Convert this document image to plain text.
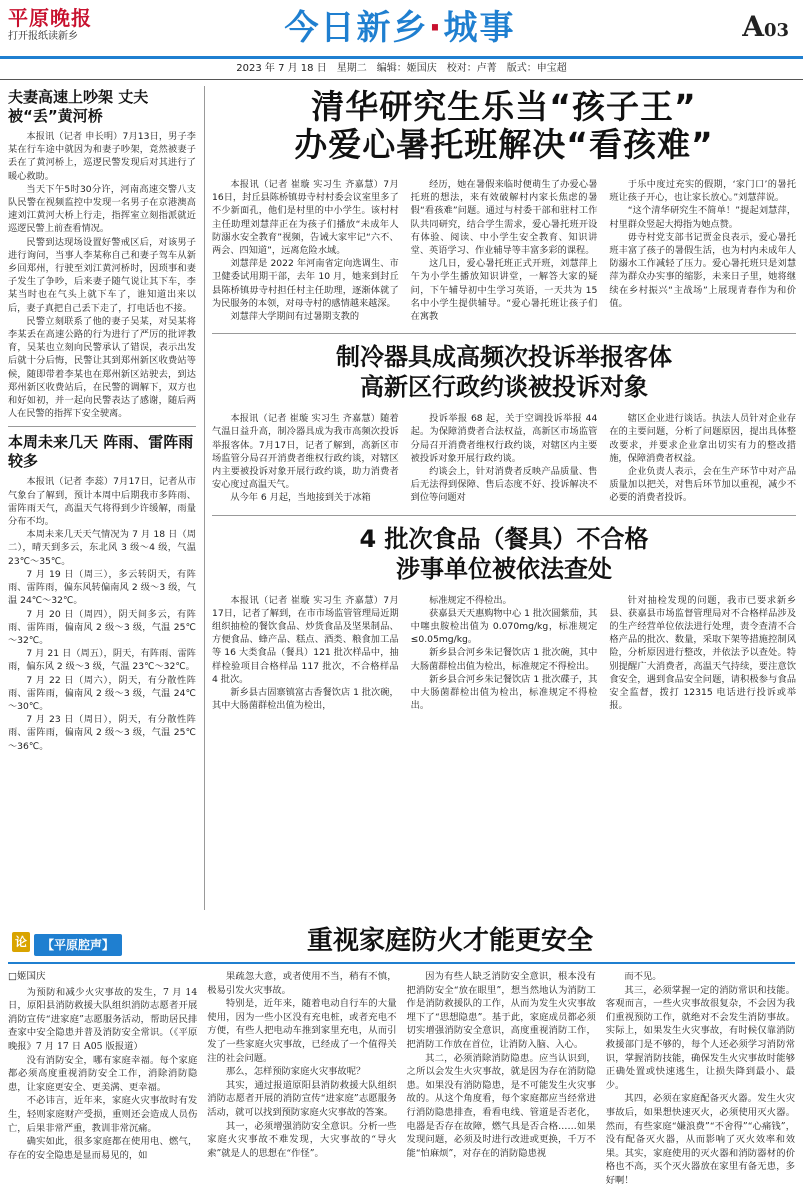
平原晚报
打开报纸读新乡	今日新乡·城事	A03
2023 年 7 月 18 日　星期二　编辑：姬国庆　校对：卢菁　版式：申宝超
夫妻高速上吵架 丈夫被“丢”黄河桥

本报讯（记者 申长明）7月13日，男子李某在行车途中就因为和妻子吵架，竟然被妻子丢在了黄河桥上，巡逻民警发现后对其进行了暖心救助。

当天下午5时30分许，河南高速交警八支队民警在视频监控中发现一名男子在京港澳高速刘江黄河大桥上行走，指挥室立刻指派就近巡逻民警上前查看情况。

民警到达现场设置好警戒区后，对该男子进行询问，当事人李某称自己和妻子驾车从新乡回郑州，行驶至刘江黄河桥时，因琐事和妻子发生了争吵，后来妻子随气说让其下车，李某当时也在气头上就下车了，谁知道出来以后，妻子真把自己丢下走了，打电话也不接。

民警立刻联系了他的妻子吴某，对吴某将李某丢在高速公路的行为进行了严厉的批评教育，吴某也立刻向民警承认了错误，表示出发后就十分后悔，民警让其到郑州新区收费站等候，随即带着李某也在郑州新区站驶去，到达郑州新区收费站后，在民警的调解下，双方也和好如初，并一起向民警表达了感谢，随后两人在民警的指挥下安全驶离。

本周未来几天 阵雨、雷阵雨较多

本报讯（记者 李蕊）7月17日，记者从市气象台了解到，预计本周中后期我市多阵雨、雷阵雨天气，高温天气将得到少许缓解，雨量分布不均。

本周未来几天天气情况为 7 月 18 日（周二），晴天到多云，东北风 3 级～4 级，气温 23℃～35℃。

7 月 19 日（周三），多云转阴天，有阵雨、雷阵雨，偏东风转偏南风 2 级～3 级，气温 24℃～32℃。

7 月 20 日（周四），阴天间多云，有阵雨、雷阵雨，偏南风 2 级～3 级，气温 25℃～32℃。

7 月 21 日（周五），阴天，有阵雨、雷阵雨，偏东风 2 级～3 级，气温 23℃～32℃。

7 月 22 日（周六），阴天，有分散性阵雨、雷阵雨，偏南风 2 级～3 级，气温 24℃～30℃。

7 月 23 日（周日），阴天，有分散性阵雨、雷阵雨，偏南风 2 级～3 级，气温 25℃～36℃。

清华研究生乐当“孩子王”
办爱心暑托班解决“看孩难”

本报讯（记者 崔璇 实习生 齐嘉慧）7月16日，封丘县陈桥镇毋寺村村委会议室里多了不少新面孔，他们是村里的中小学生。该村村主任助理刘慧萍正在为孩子们播放“未成年人防溺水安全教育”视频，告诫大家牢记“六不、两会、四知道”，远离危险水域。

刘慧萍是 2022 年河南省定向选调生、市卫健委试用期干部，去年 10 月，她来到封丘县陈桥镇毋寺村担任村主任助理，逐渐体就了为民服务的本领，对母寺村的感情越来越深。

刘慧萍大学期间有过暑期支教的

经历，她在暑假来临时便萌生了办爱心暑托班的想法，来有效破解村内家长焦虑的暑假“看孩难”问题。通过与村委干部和驻村工作队共同研究，结合学生需求，爱心暑托班开设有体验、阅读、中小学生安全教育、知识讲堂、英语学习、作业辅导等丰富多彩的课程。

这几日，爱心暑托班正式开班，刘慧萍上午为小学生播放知识讲堂，一解答大家的疑问，下午辅导初中生学习英语，一天共为 15 名中小学生提供辅导。“爱心暑托班让孩子们在寓教

于乐中度过充实的假期，‘家门口’的暑托班让孩子开心，也让家长放心。”刘慧萍说。

“这个清华研究生不简单！”提起刘慧萍，村里群众竖起大拇指为她点赞。

毋寺村党支部书记贾金良表示，爱心暑托班丰富了孩子的暑假生活，也为村内未成年人防溺水工作减轻了压力。爱心暑托班只是刘慧萍为群众办实事的缩影，未来日子里，她将继续在乡村振兴“主战场”上展现青春作为和价值。

制冷器具成高频次投诉举报客体
高新区行政约谈被投诉对象

本报讯（记者 崔璇 实习生 齐嘉慧）随着气温日益升高，制冷器具成为我市高频次投诉举报客体。7月17日，记者了解到，高新区市场监管分局召开消费者维权行政约谈，对辖区内主要被投诉对象开展行政约谈，助力消费者安心度过高温天气。

从今年 6 月起，当地接到关于冰箱

投诉举报 68 起，关于空调投诉举报 44 起。为保障消费者合法权益，高新区市场监管分局召开消费者维权行政约谈，对辖区内主要被投诉对象开展行政约谈。

约谈会上，针对消费者反映产品质量、售后无法得到保障、售后态度不好、投诉解决不到位等问题对

辖区企业进行谈话。执法人员针对企业存在的主要问题，分析了问题原因，提出具体整改要求，并要求企业拿出切实有力的整改措施，保障消费者权益。

企业负责人表示，会在生产环节中对产品质量加以把关，对售后环节加以重视，减少不必要的消费者投诉。

4 批次食品（餐具）不合格
涉事单位被依法查处

本报讯（记者 崔璇 实习生 齐嘉慧）7月17日，记者了解到，在市市场监管管理局近期组织抽检的餐饮食品、炒货食品及坚果制品、方便食品、蜂产品、糕点、酒类、粮食加工品等 16 大类食品（餐具）121 批次样品中，抽样检验项目合格样品 117 批次，不合格样品 4 批次。

新乡县古固寨镇富古香餐饮店 1 批次碗，其中大肠菌群检出值为检出，

标准规定不得检出。

获嘉县天天惠购物中心 1 批次圆紫茄，其中噻虫胺检出值为 0.070mg/kg，标准规定≤0.05mg/kg。

新乡县合河乡朱记餐饮店 1 批次碗，其中大肠菌群检出值为检出，标准规定不得检出。

新乡县合河乡朱记餐饮店 1 批次碟子，其中大肠菌群检出值为检出，标准规定不得检出。

针对抽检发现的问题，我市已要求新乡县、获嘉县市场监督管理局对不合格样品涉及的生产经营单位依法进行处理，责令查清不合格产品的批次、数量，采取下架等措施控制风险，分析原因进行整改，并依法予以查处。特别提醒广大消费者，高温天气持续，要注意饮食安全，遇到食品安全问题，请积极参与食品安全监督，拨打 12315 电话进行投诉或举报。

论	【平原腔声】	重视家庭防火才能更安全
□姬国庆

为预防和减少火灾事故的发生，7 月 14 日，原阳县消防救援大队组织消防志愿者开展消防宣传“进家庭”志愿服务活动，帮助居民排查家中安全隐患并普及消防安全常识。（《平原晚报》7 月 17 日 A05 版报道）

没有消防安全，哪有家庭幸福。每个家庭都必须高度重视消防安全工作，消除消防隐患，让家庭更安全、更美满、更幸福。

不必讳言，近年来，家庭火灾事故时有发生，轻则家庭财产受损，重则还会造成人员伤亡，后果非常严重，教训非常沉痛。

确实如此，很多家庭都在使用电、燃气，存在的安全隐患是显而易见的，如

果疏忽大意，或者使用不当，稍有不慎，极易引发火灾事故。

特别是，近年来，随着电动自行车的大量使用，因为一些小区没有充电桩，或者充电不方便，有些人把电动车推到家里充电，从而引发了一些家庭火灾事故，已经成了一个值得关注的社会问题。

那么，怎样预防家庭火灾事故呢？

其实，通过报道原阳县消防救援大队组织消防志愿者开展的消防宣传“进家庭”志愿服务活动，就可以找到预防家庭火灾事故的答案。

其一，必须增强消防安全意识。分析一些家庭火灾事故不难发现，大灾事故的“导火索”就是人的思想在“作怪”。

因为有些人缺乏消防安全意识，根本没有把消防安全“放在眼里”，想当然地认为消防工作是消防救援队的工作，从而为发生火灾事故埋下了“思想隐患”。基于此，家庭成员都必须切实增强消防安全意识，高度重视消防工作，把消防工作放在首位，让消防入脑、入心。

其二，必须消除消防隐患。应当认识到，之所以会发生火灾事故，就是因为存在消防隐患。如果没有消防隐患，是不可能发生火灾事故的。从这个角度看，每个家庭都应当经常进行消防隐患排查，看看电线、管道是否老化，电器是否存在故障，燃气具是否合格……如果发现问题，必须及时进行改进或更换，千万不能“怕麻烦”，对存在的消防隐患视

而不见。

其三，必须掌握一定的消防常识和技能。客观而言，一些火灾事故很复杂，不会因为我们重视预防工作，就绝对不会发生消防事故。实际上，如果发生火灾事故，有时候仅靠消防救援部门是不够的，每个人还必须学习消防常识，掌握消防技能，确保发生火灾事故时能够正确处置或快速逃生，让损失降到最小、最少。

其四，必须在家庭配备灭火器。发生火灾事故后，如果想快速灭火，必须使用灭火器。然而，有些家庭“嫌浪费”“不舍得”“心痛钱”，没有配备灭火器，从而影响了灭火效率和效果。其实，家庭使用的灭火器和消防器材的价格也不高，买个灭火器放在家里有备无患，多好啊！
